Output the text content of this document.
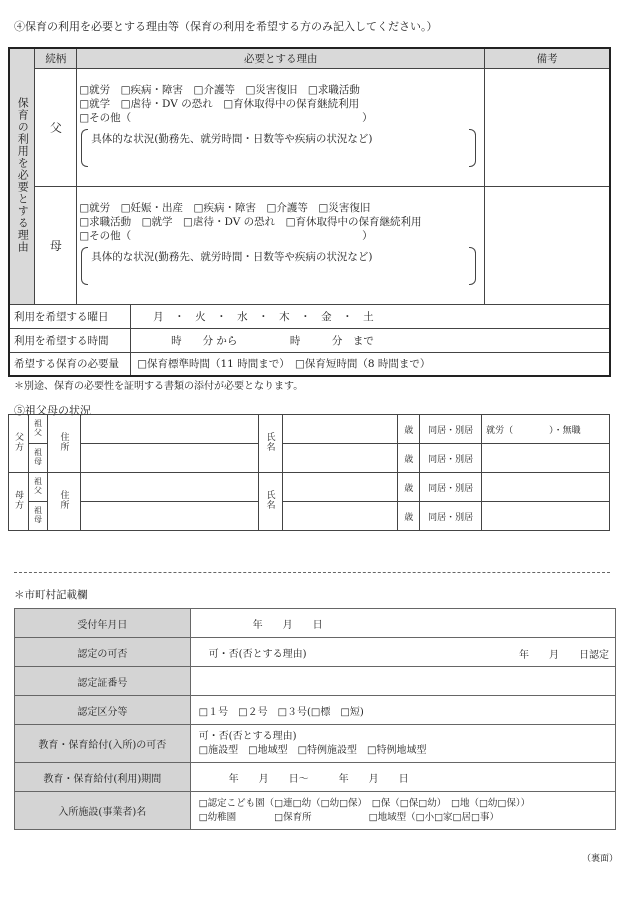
④保育の利用を必要とする理由等（保育の利用を希望する方のみ記入してください。）
保育の利用を必要とする理由	続柄	必要とする理由		備考
	父	□就労　□疾病・障害　□介護等　□災害復旧　□求職活動
□就学　□虐待・DV の恐れ　□育休取得中の保育継続利用
□その他（　　　　　　　　　　　　　　　　　　　　　　）
具体的な状況(勤務先、就労時間・日数等や疾病の状況など)		

	母	□就労　□妊娠・出産　□疾病・障害　□介護等　□災害復旧
□求職活動　□就学　□虐待・DV の恐れ　□育休取得中の保育継続利用
□その他（　　　　　　　　　　　　　　　　　　　　　　）
具体的な状況(勤務先、就労時間・日数等や疾病の状況など)		

利用を希望する曜日			月　・　火　・　水　・　木　・　金　・　土	
利用を希望する時間			時　　分 から　　　　　時　　　分　まで	
希望する保育の必要量			□保育標準時間（11 時間まで）　□保育短時間（8 時間まで）	
＊別途、保育の必要性を証明する書類の添付が必要となります。
⑤祖父母の状況
父方	祖父	住所		氏名		歳	同居・別居	就労（　　　　）・無職
	祖母					歳	同居・別居	
母方	祖父	住所		氏名		歳	同居・別居	
	祖母					歳	同居・別居	
＊市町村記載欄
受付年月日	年　　月　　日
認定の可否	可・否(否とする理由) 年　　月　　日認定

認定証番号	
認定区分等	□１号　□２号　□３号(□標　□短)
教育・保育給付(入所)の可否	可・否(否とする理由)
□施設型　□地域型　□特例施設型　□特例地域型

教育・保育給付(利用)期間	年　　月　　日～　　　年　　月　　日
入所施設(事業者)名	□認定こども園（□連□幼（□幼□保）　□保（□保□幼）　□地（□幼□保））
□幼稚園　　　　□保育所　　　　　　□地域型（□小□家□居□事）
（裏面）
